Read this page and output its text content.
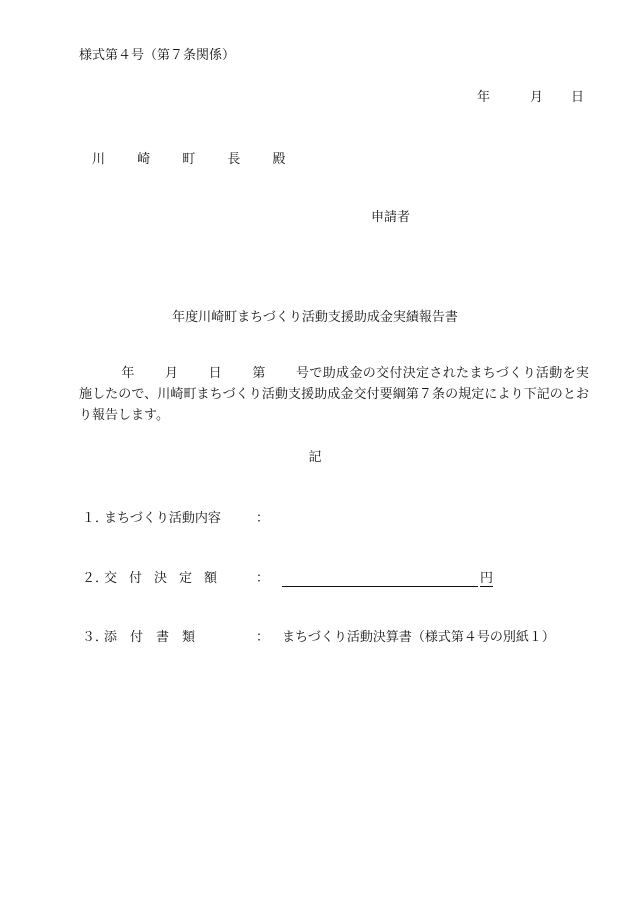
様式第４号（第７条関係）
年	月 日
川 崎 町 長 殿
申請者
年度川崎町まちづくり活動支援助成金実績報告書
年 月 日 第 号で助成金の交付決定されたまちづくり活動を実施したので、川崎町まちづくり活動支援助成金交付要綱第７条の規定により下記のとおり報告します。
記
１．まちづくり活動内容	：
２．交付決定額 ：	円
３．添付書類	： まちづくり活動決算書（様式第４号の別紙１）
